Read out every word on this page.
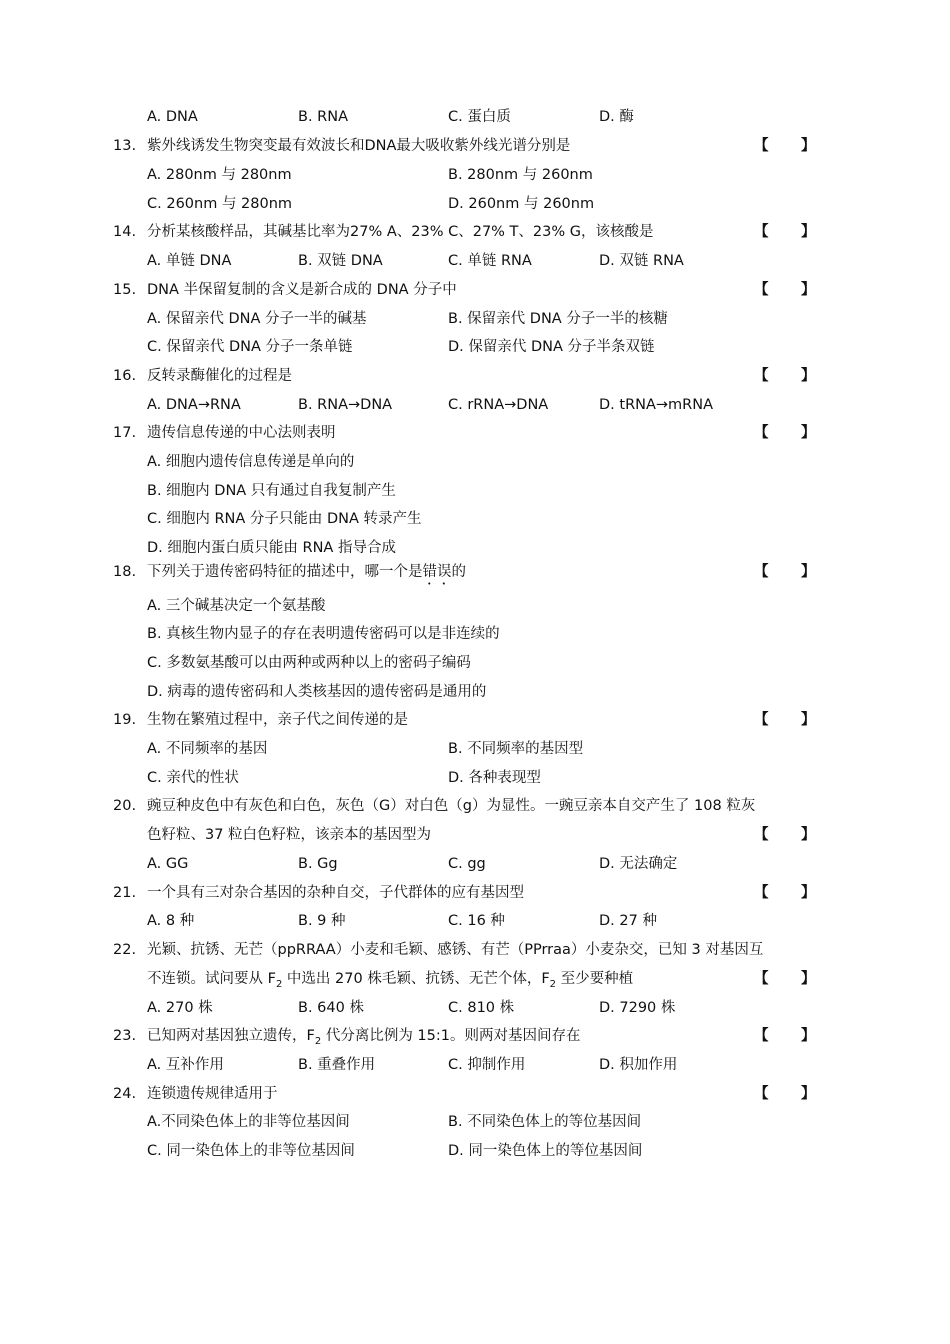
A. DNA	B. RNA	C. 蛋白质	D. 酶
13. 紫外线诱发生物突变最有效波长和DNA最大吸收紫外线光谱分别是	【 】
A. 280nm 与 280nm	B. 280nm 与 260nm
C. 260nm 与 280nm	D. 260nm 与 260nm
14. 分析某核酸样品，其碱基比率为27% A、23% C、27% T、23% G，该核酸是	【 】
A. 单链 DNA	B. 双链 DNA	C. 单链 RNA	D. 双链 RNA
15. DNA 半保留复制的含义是新合成的 DNA 分子中	【 】
A. 保留亲代 DNA 分子一半的碱基	B. 保留亲代 DNA 分子一半的核糖
C. 保留亲代 DNA 分子一条单链	D. 保留亲代 DNA 分子半条双链
16. 反转录酶催化的过程是	【 】
A. DNA→RNA	B. RNA→DNA	C. rRNA→DNA	D. tRNA→mRNA
17. 遗传信息传递的中心法则表明	【 】
A. 细胞内遗传信息传递是单向的
B. 细胞内 DNA 只有通过自我复制产生
C. 细胞内 RNA 分子只能由 DNA 转录产生
D. 细胞内蛋白质只能由 RNA 指导合成
18. 下列关于遗传密码特征的描述中，哪一个是错误的	【 】
A. 三个碱基决定一个氨基酸
B. 真核生物内显子的存在表明遗传密码可以是非连续的
C. 多数氨基酸可以由两种或两种以上的密码子编码
D. 病毒的遗传密码和人类核基因的遗传密码是通用的
19. 生物在繁殖过程中，亲子代之间传递的是	【 】
A. 不同频率的基因	B. 不同频率的基因型
C. 亲代的性状	D. 各种表现型
20. 豌豆种皮色中有灰色和白色，灰色（G）对白色（g）为显性。一豌豆亲本自交产生了 108 粒灰
色籽粒、37 粒白色籽粒，该亲本的基因型为	【 】
A. GG	B. Gg	C. gg	D. 无法确定
21. 一个具有三对杂合基因的杂种自交，子代群体的应有基因型	【 】
A. 8 种	B. 9 种	C. 16 种	D. 27 种
22. 光颖、抗锈、无芒（ppRRAA）小麦和毛颖、感锈、有芒（PPrraa）小麦杂交，已知 3 对基因互
不连锁。试问要从 $F_2$ 中选出 270 株毛颖、抗锈、无芒个体，$F_2$ 至少要种植	【 】
A. 270 株	B. 640 株	C. 810 株	D. 7290 株
23. 已知两对基因独立遗传，$F_2$ 代分离比例为 15:1。则两对基因间存在	【 】
A. 互补作用	B. 重叠作用	C. 抑制作用	D. 积加作用
24. 连锁遗传规律适用于	【 】
A.不同染色体上的非等位基因间	B. 不同染色体上的等位基因间
C. 同一染色体上的非等位基因间	D. 同一染色体上的等位基因间
